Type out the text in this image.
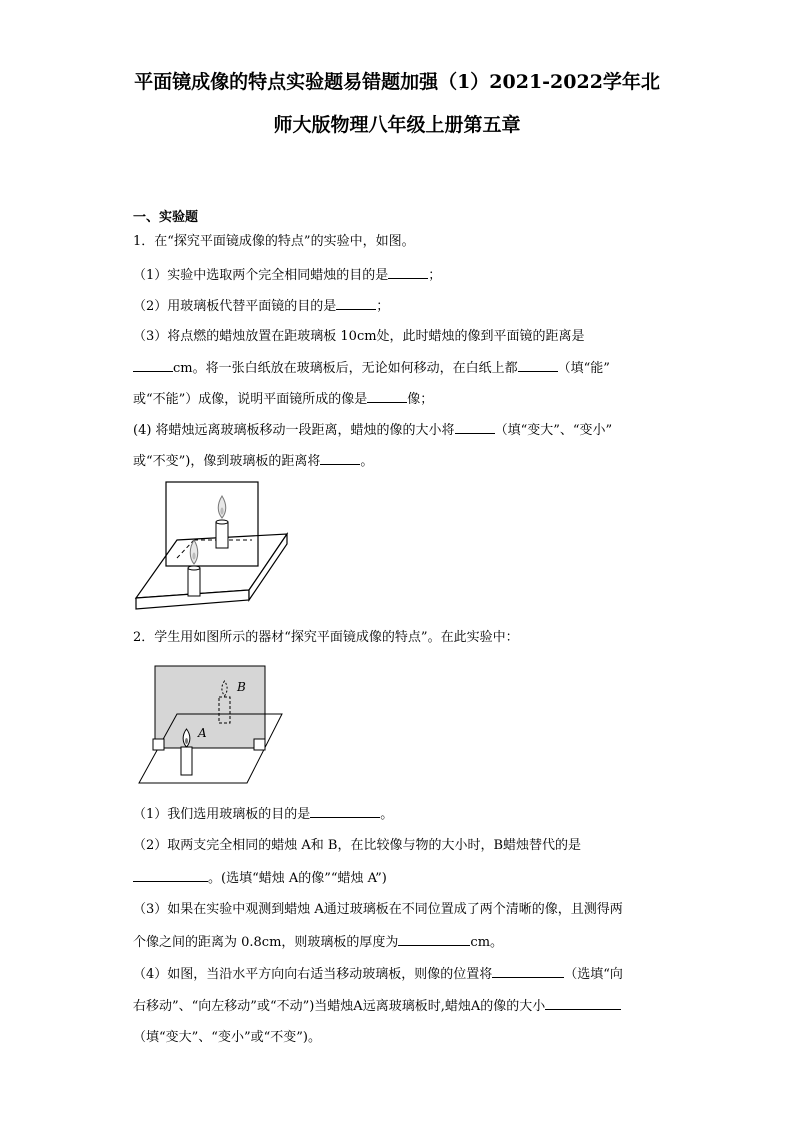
平面镜成像的特点实验题易错题加强（1）2021-2022学年北
师大版物理八年级上册第五章
一、实验题
1．在“探究平面镜成像的特点”的实验中，如图。
（1）实验中选取两个完全相同蜡烛的目的是	；
（2）用玻璃板代替平面镜的目的是	；
（3）将点燃的蜡烛放置在距玻璃板 10cm处，此时蜡烛的像到平面镜的距离是
cm。将一张白纸放在玻璃板后，无论如何移动，在白纸上都	（填“能”
或“不能”）成像，说明平面镜所成的像是	像；
(4) 将蜡烛远离玻璃板移动一段距离，蜡烛的像的大小将	（填“变大”、“变小”
或“不变”)，像到玻璃板的距离将	。
2．学生用如图所示的器材“探究平面镜成像的特点”。在此实验中：
B
A
（1）我们选用玻璃板的目的是	。
（2）取两支完全相同的蜡烛 A和 B，在比较像与物的大小时，B蜡烛替代的是
。(选填“蜡烛 A的像”“蜡烛 A”)
（3）如果在实验中观测到蜡烛 A通过玻璃板在不同位置成了两个清晰的像，且测得两
个像之间的距离为 0.8cm，则玻璃板的厚度为	cm。
（4）如图，当沿水平方向向右适当移动玻璃板，则像的位置将	（选填“向
右移动”、“向左移动”或“不动”)当蜡烛A远离玻璃板时,蜡烛A的像的大小
（填“变大”、“变小”或“不变”)。
